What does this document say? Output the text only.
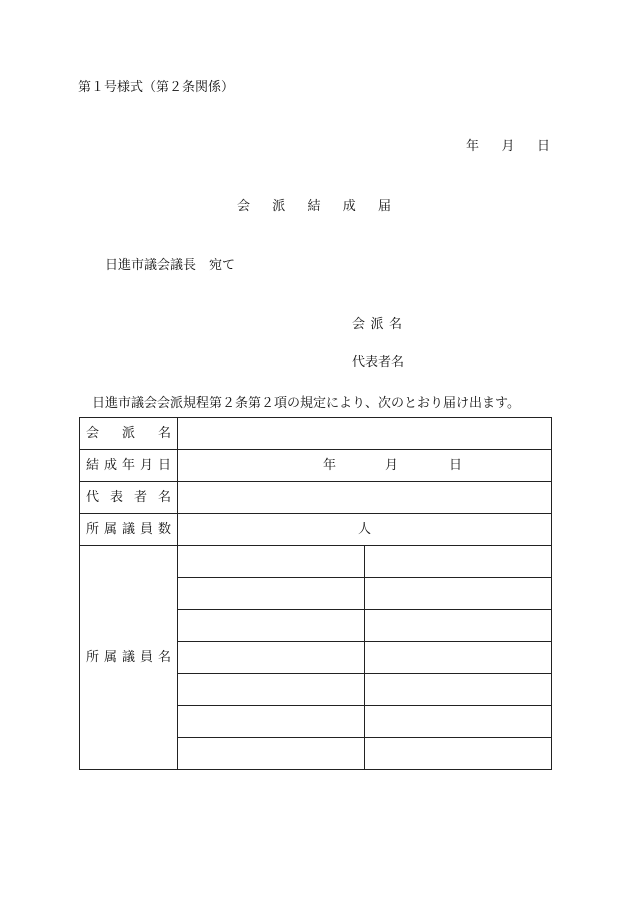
第１号様式（第２条関係）
年 月 日
会 派 結 成 届
日進市議会議長　宛て
会 派 名
代表者名
日進市議会会派規程第２条第２項の規定により、次のとおり届け出ます。
会 派 名		

結 成 年 月 日	年 月 日	

代 表 者 名		

所 属 議 員 数	人	

所 属 議 員 名		
